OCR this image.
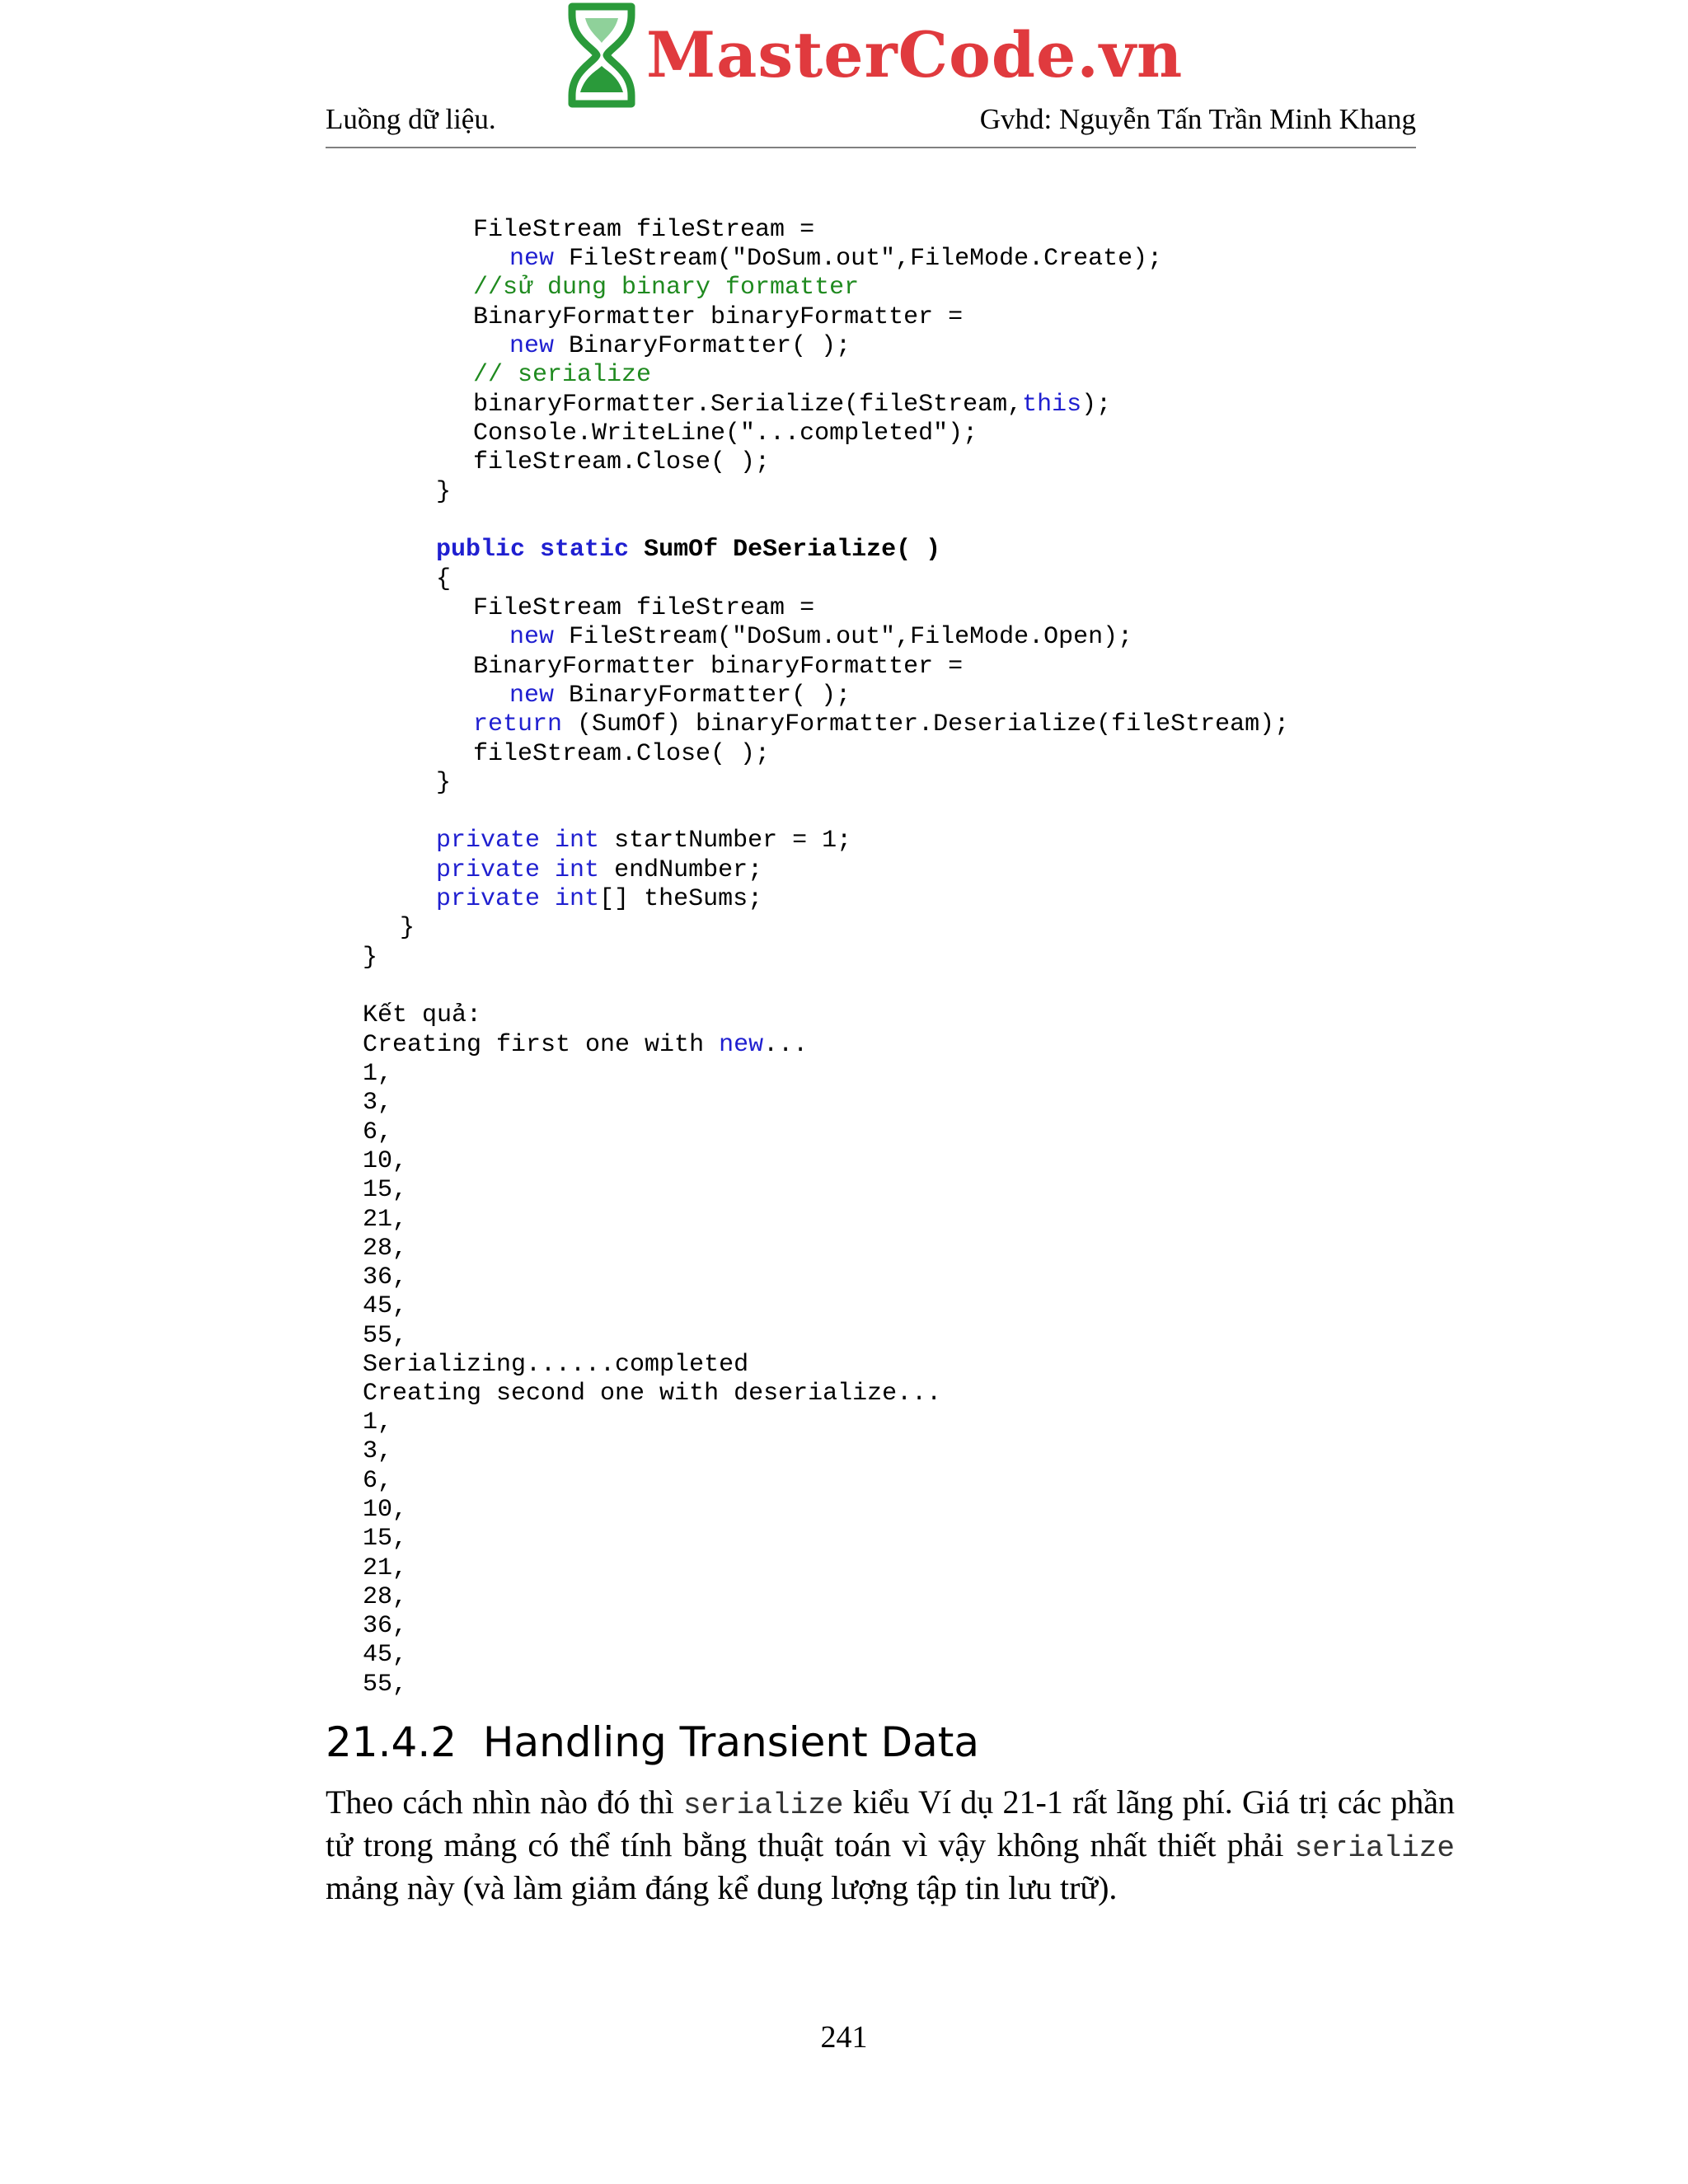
MasterCode.vn
Luồng dữ liệu.	Gvhd: Nguyễn Tấn Trần Minh Khang
FileStream fileStream =
new FileStream("DoSum.out",FileMode.Create);
//sử dung binary formatter
BinaryFormatter binaryFormatter =
new BinaryFormatter( );
// serialize
binaryFormatter.Serialize(fileStream,this);
Console.WriteLine("...completed");
fileStream.Close( );
}
public static SumOf DeSerialize( )
{
FileStream fileStream =
new FileStream("DoSum.out",FileMode.Open);
BinaryFormatter binaryFormatter =
new BinaryFormatter( );
return (SumOf) binaryFormatter.Deserialize(fileStream);
fileStream.Close( );
}
private int startNumber = 1;
private int endNumber;
private int[] theSums;
}
}
Kết quả:
Creating first one with new...
1,
3,
6,
10,
15,
21,
28,
36,
45,
55,
Serializing......completed
Creating second one with deserialize...
1,
3,
6,
10,
15,
21,
28,
36,
45,
55,
21.4.2 Handling Transient Data
Theo cách nhìn nào đó thì serialize kiểu Ví dụ 21-1 rất lãng phí. Giá trị các phần tử trong mảng có thể tính bằng thuật toán vì vậy không nhất thiết phải serialize mảng này (và làm giảm đáng kể dung lượng tập tin lưu trữ).
241
